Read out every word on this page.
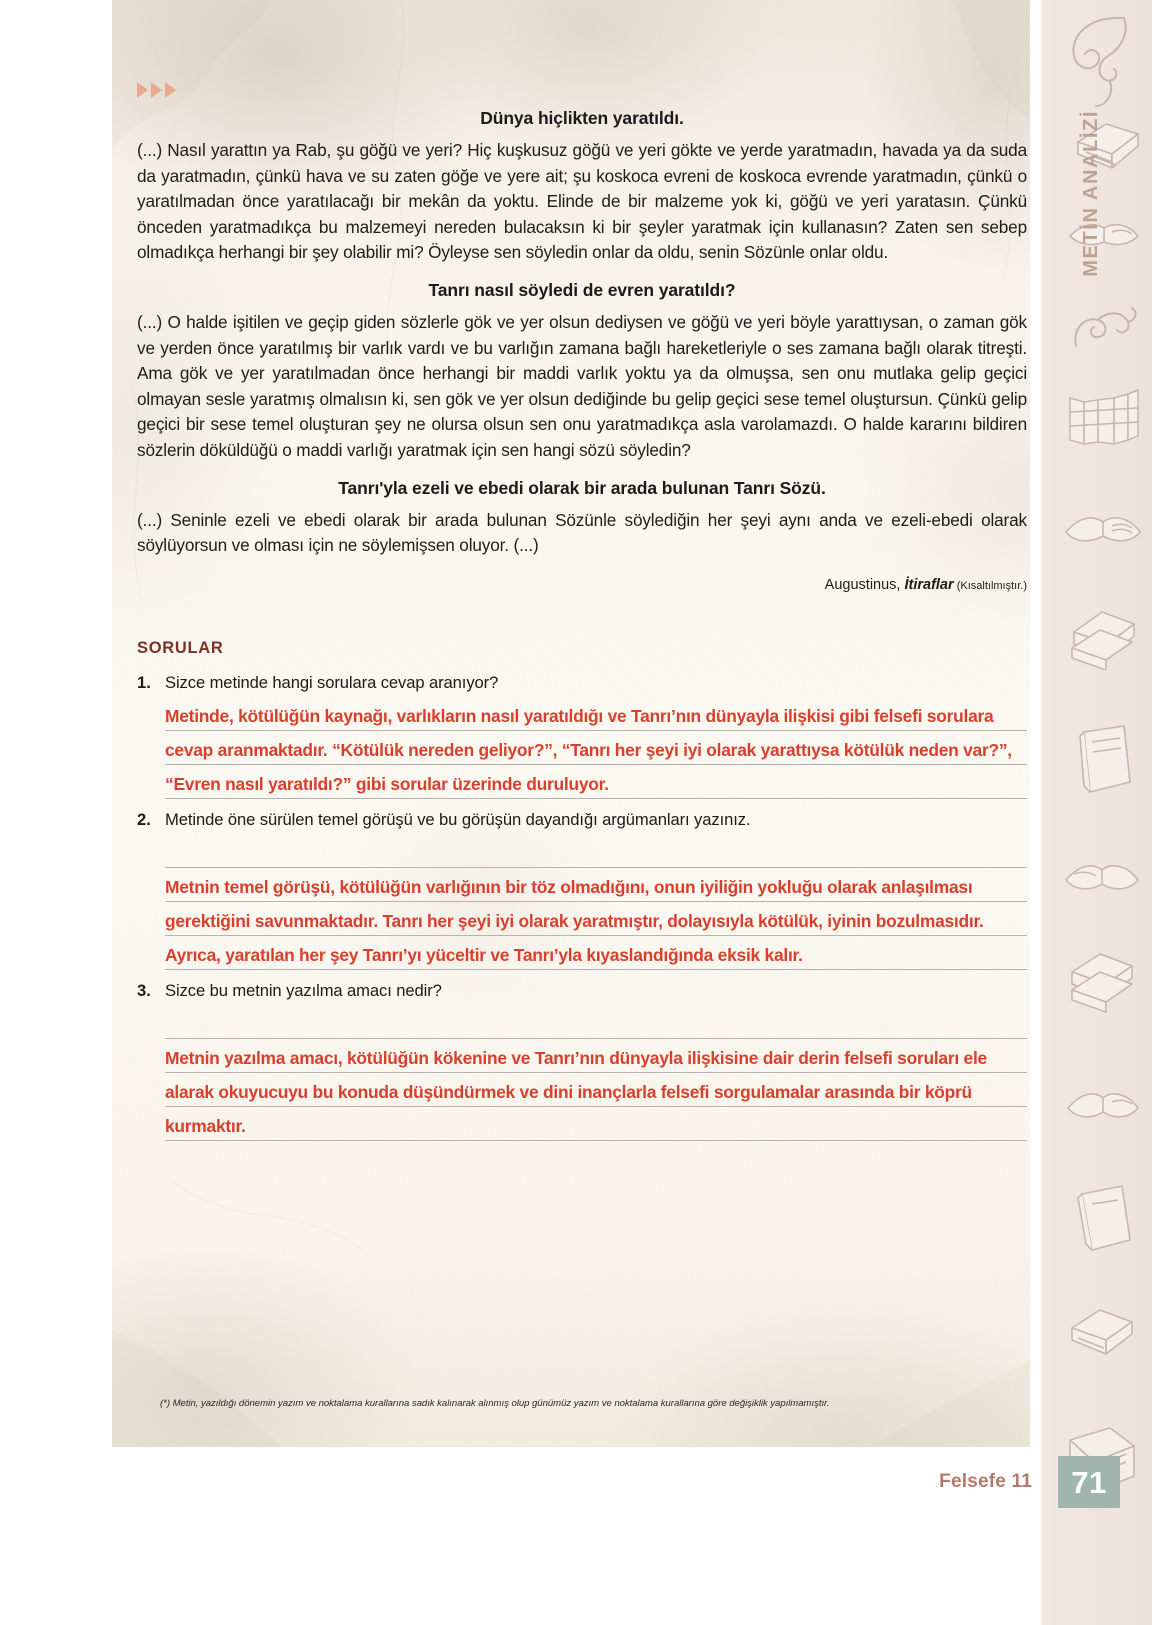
Dünya hiçlikten yaratıldı.

(...) Nasıl yarattın ya Rab, şu göğü ve yeri? Hiç kuşkusuz göğü ve yeri gökte ve yerde yaratmadın, havada ya da suda da yaratmadın, çünkü hava ve su zaten göğe ve yere ait; şu koskoca evreni de koskoca evrende yaratmadın, çünkü o yaratılmadan önce yaratılacağı bir mekân da yoktu. Elinde de bir malzeme yok ki, göğü ve yeri yaratasın. Çünkü önceden yaratmadıkça bu malzemeyi nereden bulacaksın ki bir şeyler yaratmak için kullanasın? Zaten sen sebep olmadıkça herhangi bir şey olabilir mi? Öyleyse sen söyledin onlar da oldu, senin Sözünle onlar oldu.

Tanrı nasıl söyledi de evren yaratıldı?

(...) O halde işitilen ve geçip giden sözlerle gök ve yer olsun dediysen ve göğü ve yeri böyle yarattıysan, o zaman gök ve yerden önce yaratılmış bir varlık vardı ve bu varlığın zamana bağlı hareketleriyle o ses zamana bağlı olarak titreşti. Ama gök ve yer yaratılmadan önce herhangi bir maddi varlık yoktu ya da olmuşsa, sen onu mutlaka gelip geçici olmayan sesle yaratmış olmalısın ki, sen gök ve yer olsun dediğinde bu gelip geçici sese temel oluştursun. Çünkü gelip geçici bir sese temel oluşturan şey ne olursa olsun sen onu yaratmadıkça asla varolamazdı. O halde kararını bildiren sözlerin döküldüğü o maddi varlığı yaratmak için sen hangi sözü söyledin?

Tanrı'yla ezeli ve ebedi olarak bir arada bulunan Tanrı Sözü.

(...) Seninle ezeli ve ebedi olarak bir arada bulunan Sözünle söylediğin her şeyi aynı anda ve ezeli-ebedi olarak söylüyorsun ve olması için ne söylemişsen oluyor. (...)

Augustinus, İtiraflar (Kısaltılmıştır.)

SORULAR
1. Sizce metinde hangi sorulara cevap aranıyor?
Metinde, kötülüğün kaynağı, varlıkların nasıl yaratıldığı ve Tanrı’nın dünyayla ilişkisi gibi felsefi sorulara cevap aranmaktadır. “Kötülük nereden geliyor?”, “Tanrı her şeyi iyi olarak yarattıysa kötülük neden var?”, “Evren nasıl yaratıldı?” gibi sorular üzerinde duruluyor.
2. Metinde öne sürülen temel görüşü ve bu görüşün dayandığı argümanları yazınız.
Metnin temel görüşü, kötülüğün varlığının bir töz olmadığını, onun iyiliğin yokluğu olarak anlaşılması gerektiğini savunmaktadır. Tanrı her şeyi iyi olarak yaratmıştır, dolayısıyla kötülük, iyinin bozulmasıdır. Ayrıca, yaratılan her şey Tanrı’yı yüceltir ve Tanrı’yla kıyaslandığında eksik kalır.
3. Sizce bu metnin yazılma amacı nedir?
Metnin yazılma amacı, kötülüğün kökenine ve Tanrı’nın dünyayla ilişkisine dair derin felsefi soruları ele alarak okuyucuyu bu konuda düşündürmek ve dini inançlarla felsefi sorgulamalar arasında bir köprü kurmaktır.
(*) Metin, yazıldığı dönemin yazım ve noktalama kurallarına sadık kalınarak alınmış olup günümüz yazım ve noktalama kurallarına göre değişiklik yapılmamıştır.
METİN ANALİZİ
Felsefe 11 71
